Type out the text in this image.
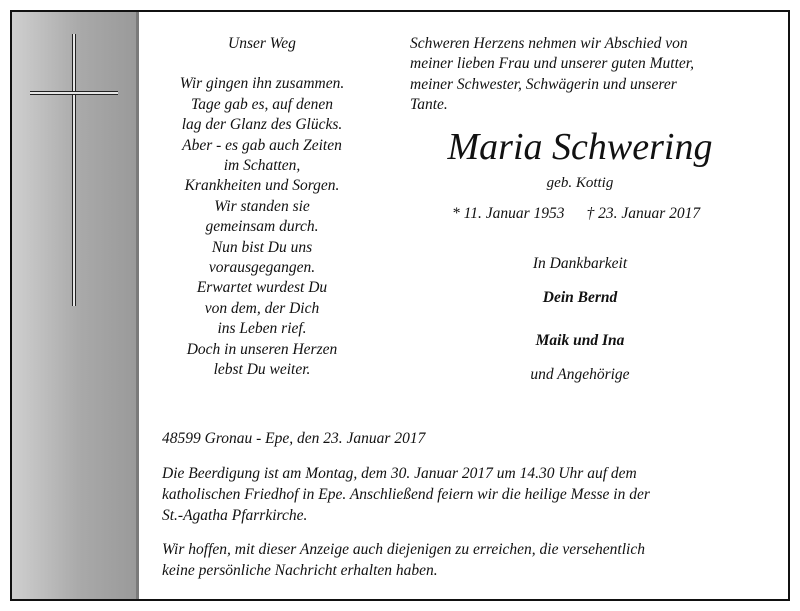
Unser Weg
Wir gingen ihn zusammen.
Tage gab es, auf denen
lag der Glanz des Glücks.
Aber - es gab auch Zeiten
im Schatten,
Krankheiten und Sorgen.
Wir standen sie
gemeinsam durch.
Nun bist Du uns
vorausgegangen.
Erwartet wurdest Du
von dem, der Dich
ins Leben rief.
Doch in unseren Herzen
lebst Du weiter.
Schweren Herzens nehmen wir Abschied von
meiner lieben Frau und unserer guten Mutter,
meiner Schwester, Schwägerin und unserer
Tante.
Maria Schwering
geb. Kottig
* 11. Januar 1953 † 23. Januar 2017
In Dankbarkeit
Dein Bernd
Maik und Ina
und Angehörige
48599 Gronau - Epe, den 23. Januar 2017
Die Beerdigung ist am Montag, dem 30. Januar 2017 um 14.30 Uhr auf dem
katholischen Friedhof in Epe. Anschließend feiern wir die heilige Messe in der
St.-Agatha Pfarrkirche.
Wir hoffen, mit dieser Anzeige auch diejenigen zu erreichen, die versehentlich
keine persönliche Nachricht erhalten haben.
